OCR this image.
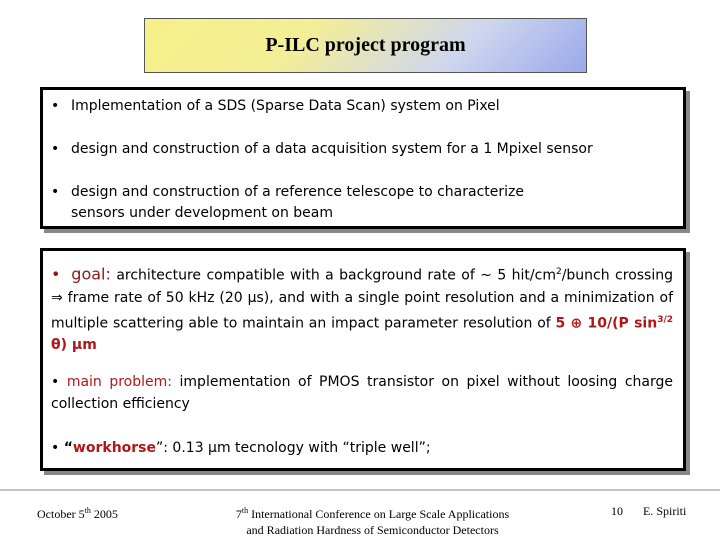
P-ILC project program
• Implementation of a SDS (Sparse Data Scan) system on Pixel
• design and construction of a data acquisition system for a 1 Mpixel sensor
• design and construction of a reference telescope to characterize
sensors under development on beam
• goal: architecture compatible with a background rate of ~ 5 hit/$cm^2$/bunch crossing ⇒ frame rate of 50 kHz (20 μs), and with a single point resolution and a minimization of multiple scattering able to maintain an impact parameter resolution of 5 ⊕ 10/(P $\sin^{3/2} \theta$) μm
• main problem: implementation of PMOS transistor on pixel without loosing charge collection efficiency
• “workhorse”: 0.13 μm tecnology with “triple well”;
October 5th 2005	7th International Conference on Large Scale Applications
and Radiation Hardness of Semiconductor Detectors
10 E. Spiriti
